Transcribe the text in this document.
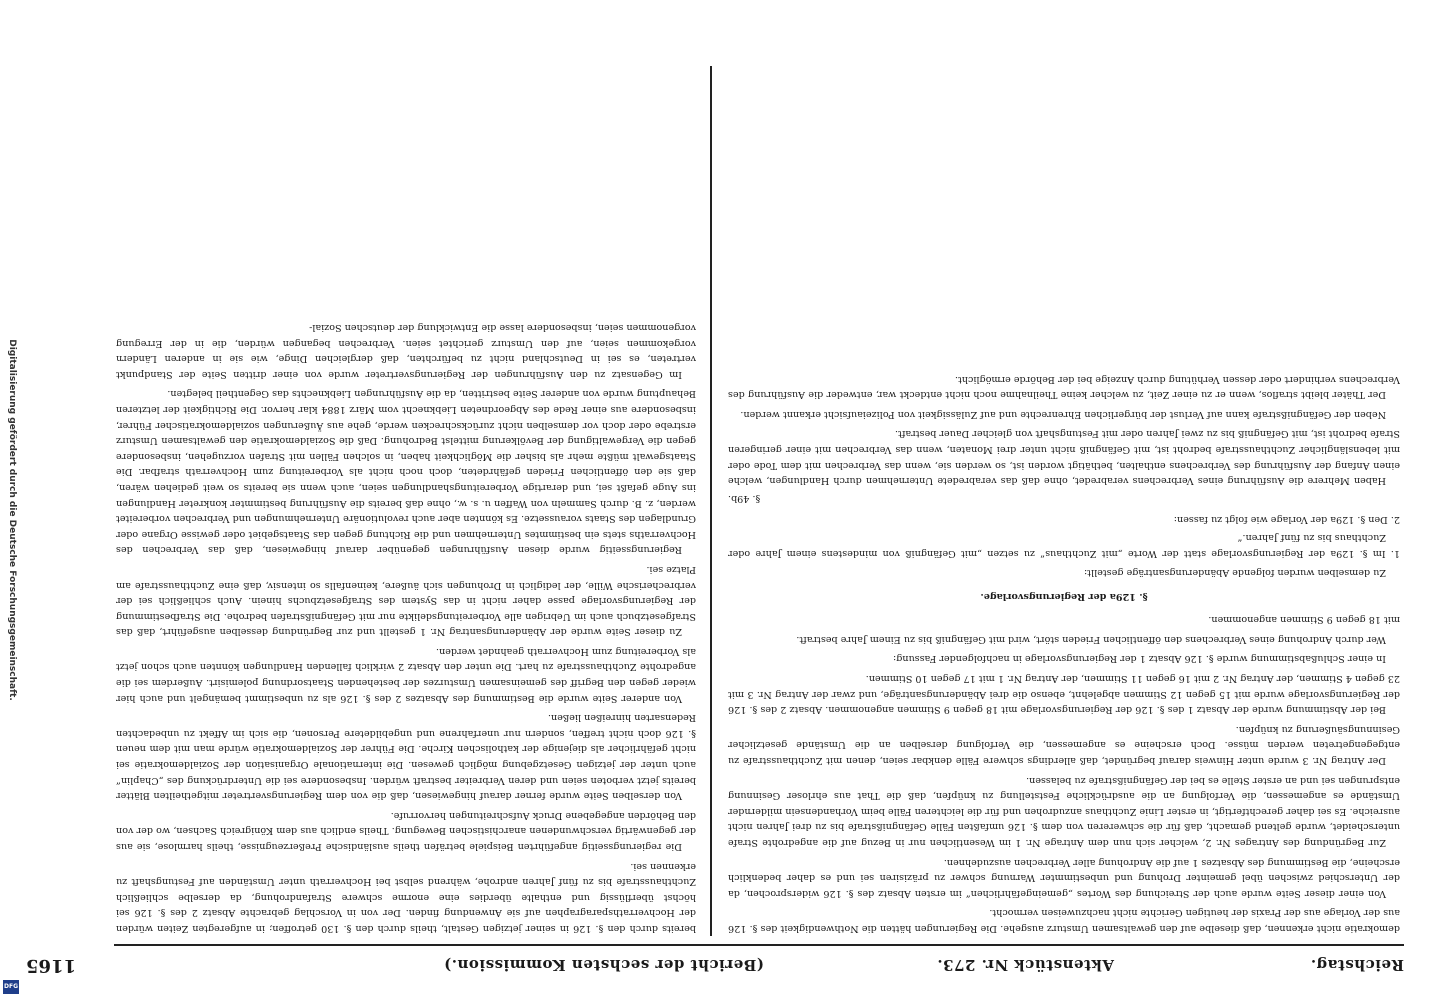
Reichstag.
Aktenstück Nr. 273.
(Bericht der sechsten Kommission.)
1165

demokratie nicht erkennen, daß dieselbe auf den gewaltsamen Umsturz ausgehe. Die Regierungen hätten die Nothwendigkeit des §. 126 aus der Vorlage aus der Praxis der heutigen Gerichte nicht nachzuweisen vermocht.

Von einer dieser Seite wurde auch der Streichung des Wortes „gemeingefährlichen“ im ersten Absatz des §. 126 widersprochen, da der Unterschied zwischen übel gemeinter Drohung und unbestimmter Warnung schwer zu präzisiren sei und es daher bedenklich erscheine, die Bestimmung des Absatzes 1 auf die Androhung aller Verbrechen auszudehnen.

Zur Begründung des Antrages Nr. 2, welcher sich nun dem Antrage Nr. 1 im Wesentlichen nur in Bezug auf die angedrohte Strafe unterscheidet, wurde geltend gemacht, daß für die schwereren von dem §. 126 umfaßten Fälle Gefängnißstrafe bis zu drei Jahren nicht ausreiche. Es sei daher gerechtfertigt, in erster Linie Zuchthaus anzudrohen und für die leichteren Fälle beim Vorhandensein mildernder Umstände es angemessen, die Verfolgung an die ausdrückliche Feststellung zu knüpfen, daß die That aus ehrloser Gesinnung entsprungen sei und an erster Stelle es bei der Gefängnißstrafe zu belassen.

Der Antrag Nr. 3 wurde unter Hinweis darauf begründet, daß allerdings schwere Fälle denkbar seien, denen mit Zuchthausstrafe zu entgegengetreten werden müsse. Doch erscheine es angemessen, die Verfolgung derselben an die Umstände gesetzlicher Gesinnungsäußerung zu knüpfen.

Bei der Abstimmung wurde der Absatz 1 des §. 126 der Regierungsvorlage mit 18 gegen 9 Stimmen angenommen. Absatz 2 des §. 126 der Regierungsvorlage wurde mit 15 gegen 12 Stimmen abgelehnt, ebenso die drei Abänderungsanträge, und zwar der Antrag Nr. 3 mit 23 gegen 4 Stimmen, der Antrag Nr. 2 mit 16 gegen 11 Stimmen, der Antrag Nr. 1 mit 17 gegen 10 Stimmen.

In einer Schlußabstimmung wurde §. 126 Absatz 1 der Regierungsvorlage in nachfolgender Fassung:

Wer durch Androhung eines Verbrechens den öffentlichen Frieden stört, wird mit Gefängniß bis zu Einem Jahre bestraft.

mit 18 gegen 9 Stimmen angenommen.

§. 129a der Regierungsvorlage.

Zu demselben wurden folgende Abänderungsanträge gestellt:

1. Im §. 129a der Regierungsvorlage statt der Worte „mit Zuchthaus“ zu setzen „mit Gefängniß von mindestens einem Jahre oder Zuchthaus bis zu fünf Jahren.“
2. Den §. 129a der Vorlage wie folgt zu fassen:
§. 49b.

Haben Mehrere die Ausführung eines Verbrechens verabredet, ohne daß das verabredete Unternehmen durch Handlungen, welche einen Anfang der Ausführung des Verbrechens enthalten, bethätigt worden ist, so werden sie, wenn das Verbrechen mit dem Tode oder mit lebenslänglicher Zuchthausstrafe bedroht ist, mit Gefängniß nicht unter drei Monaten, wenn das Verbrechen mit einer geringeren Strafe bedroht ist, mit Gefängniß bis zu zwei Jahren oder mit Festungshaft von gleicher Dauer bestraft.

Neben der Gefängnißstrafe kann auf Verlust der bürgerlichen Ehrenrechte und auf Zulässigkeit von Polizeiaufsicht erkannt werden.

Der Thäter bleibt straflos, wenn er zu einer Zeit, zu welcher keine Theilnahme noch nicht entdeckt war, entweder die Ausführung des Verbrechens verhindert oder dessen Verhütung durch Anzeige bei der Behörde ermöglicht.

bereits durch den §. 126 in seiner jetzigen Gestalt, theils durch den §. 130 getroffen; in aufgeregten Zeiten würden der Hochverrathsparagraphen auf sie Anwendung finden. Der von in Vorschlag gebrachte Absatz 2 des §. 126 sei höchst überflüssig und enthalte überdies eine enorme schwere Strafandrohung, da derselbe schließlich Zuchthausstrafe bis zu fünf Jahren androhe, während selbst bei Hochverrath unter Umständen auf Festungshaft zu erkennen sei.

Die regierungsseitig angeführten Beispiele beträfen theils ausländische Preßerzeugnisse, theils harmlose, sie aus der gegenwärtig verschwundenen anarchistischen Bewegung. Theils endlich aus dem Königreich Sachsen, wo der von den Behörden angegebene Druck Aufschreitungen hervorrufe.

Von derselben Seite wurde ferner darauf hingewiesen, daß die von dem Regierungsvertreter mitgetheilten Blätter bereits jetzt verboten seien und deren Verbreiter bestraft würden. Insbesondere sei die Unterdrückung des „Chaplin“ auch unter der jetzigen Gesetzgebung möglich gewesen. Die internationale Organisation der Sozialdemokratie sei nicht gefährlicher als diejenige der katholischen Kirche. Die Führer der Sozialdemokratie würde man mit dem neuen §. 126 doch nicht treffen, sondern nur unerfahrene und ungebildetere Personen, die sich im Affekt zu unbedachten Redensarten hinreißen ließen.

Von anderer Seite wurde die Bestimmung des Absatzes 2 des §. 126 als zu unbestimmt bemängelt und auch hier wieder gegen den Begriff des gemeinsamen Umsturzes der bestehenden Staatsordnung polemisirt. Außerdem sei die angedrohte Zuchthausstrafe zu hart. Die unter den Absatz 2 wirklich fallenden Handlungen könnten auch schon jetzt als Vorbereitung zum Hochverrath geahndet werden.

Zu dieser Seite wurde der Abänderungsantrag Nr. 1 gestellt und zur Begründung desselben ausgeführt, daß das Strafgesetzbuch auch im Uebrigen alle Vorbereitungsdelikte nur mit Gefängnißstrafen bedrohe. Die Strafbestimmung der Regierungsvorlage passe daher nicht in das System des Strafgesetzbuchs hinein. Auch schließlich sei der verbrecherische Wille, der lediglich in Drohungen sich äußere, keinenfalls so intensiv, daß eine Zuchthausstrafe am Platze sei.

Regierungsseitig wurde diesen Ausführungen gegenüber darauf hingewiesen, daß das Verbrechen des Hochverraths stets ein bestimmtes Unternehmen und die Richtung gegen das Staatsgebiet oder gewisse Organe oder Grundlagen des Staats voraussetze. Es könnten aber auch revolutionäre Unternehmungen und Verbrechen vorbereitet werden, z. B. durch Sammeln von Waffen u. s. w., ohne daß bereits die Ausführung bestimmter konkreter Handlungen ins Auge gefaßt sei, und derartige Vorbereitungshandlungen seien, auch wenn sie bereits so weit gediehen wären, daß sie den öffentlichen Frieden gefährdeten, doch noch nicht als Vorbereitung zum Hochverrath strafbar. Die Staatsgewalt müßte mehr als bisher die Möglichkeit haben, in solchen Fällen mit Strafen vorzugehen, insbesondere gegen die Vergewaltigung der Bevölkerung mittelst Bedrohung. Daß die Sozialdemokratie den gewaltsamen Umsturz erstrebe oder doch vor demselben nicht zurückschrecken werde, gehe aus Äußerungen sozialdemokratischer Führer, insbesondere aus einer Rede des Abgeordneten Liebknecht vom März 1884 klar hervor. Die Richtigkeit der letzteren Behauptung wurde von anderer Seite bestritten, da die Ausführungen Liebknechts das Gegentheil belegten.

Im Gegensatz zu den Ausführungen der Regierungsvertreter wurde von einer dritten Seite der Standpunkt vertreten, es sei in Deutschland nicht zu befürchten, daß dergleichen Dinge, wie sie in anderen Ländern vorgekommen seien, auf den Umsturz gerichtet seien. Verbrechen begangen würden, die in der Erregung vorgenommen seien, insbesondere lasse die Entwicklung der deutschen Sozial-

Digitalisierung gefördert durch die Deutsche Forschungsgemeinschaft.
DFG
